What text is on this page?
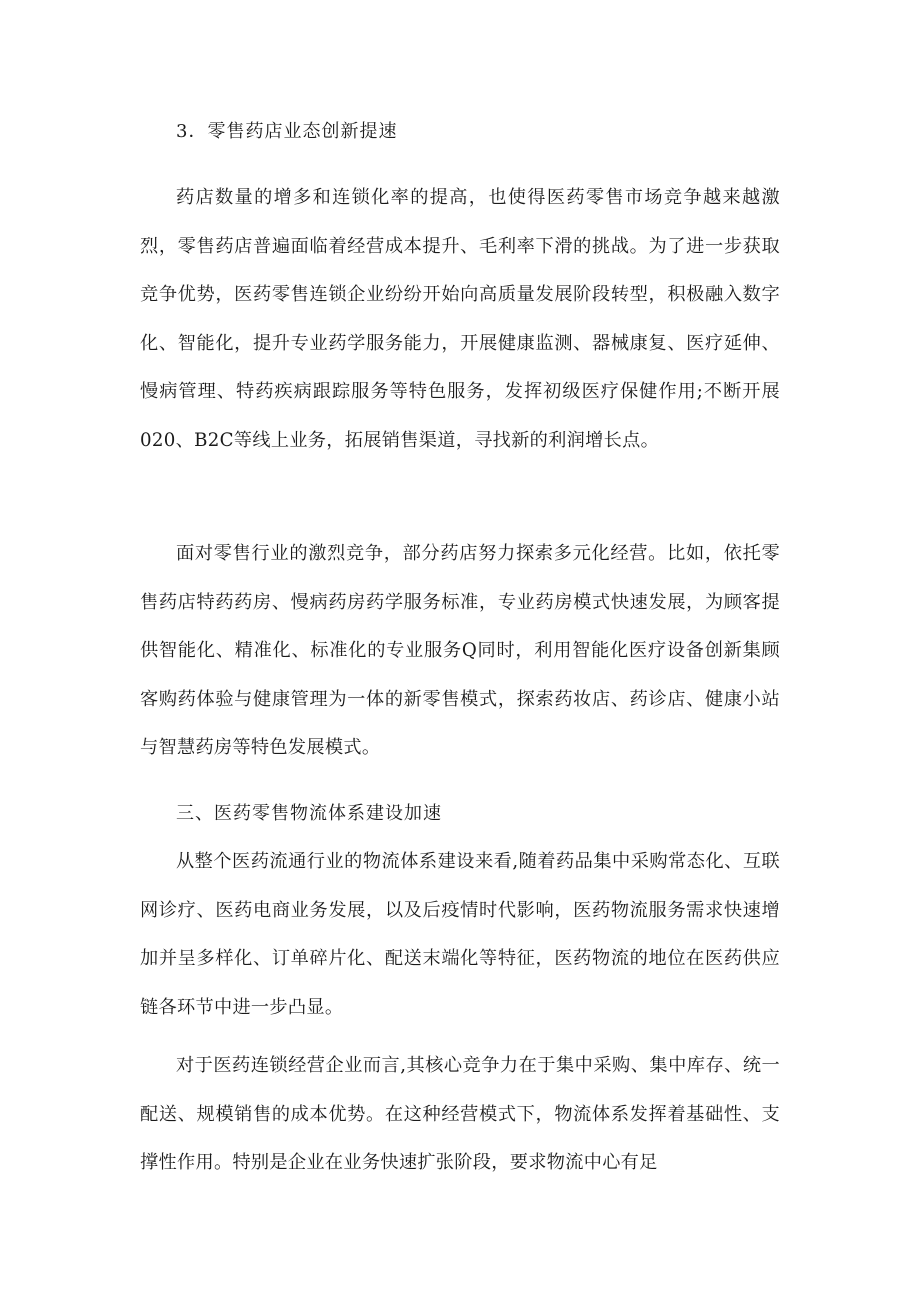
3．零售药店业态创新提速

药店数量的增多和连锁化率的提高，也使得医药零售市场竞争越来越激烈，零售药店普遍面临着经营成本提升、毛利率下滑的挑战。为了进一步获取竞争优势，医药零售连锁企业纷纷开始向高质量发展阶段转型，积极融入数字化、智能化，提升专业药学服务能力，开展健康监测、器械康复、医疗延伸、慢病管理、特药疾病跟踪服务等特色服务，发挥初级医疗保健作用;不断开展020、B2C等线上业务，拓展销售渠道，寻找新的利润增长点。

面对零售行业的激烈竞争，部分药店努力探索多元化经营。比如，依托零售药店特药药房、慢病药房药学服务标准，专业药房模式快速发展，为顾客提供智能化、精准化、标准化的专业服务Q同时，利用智能化医疗设备创新集顾客购药体验与健康管理为一体的新零售模式，探索药妆店、药诊店、健康小站与智慧药房等特色发展模式。

三、医药零售物流体系建设加速

从整个医药流通行业的物流体系建设来看,随着药品集中采购常态化、互联网诊疗、医药电商业务发展，以及后疫情时代影响，医药物流服务需求快速增加并呈多样化、订单碎片化、配送末端化等特征，医药物流的地位在医药供应链各环节中进一步凸显。

对于医药连锁经营企业而言,其核心竞争力在于集中采购、集中库存、统一配送、规模销售的成本优势。在这种经营模式下，物流体系发挥着基础性、支撑性作用。特别是企业在业务快速扩张阶段，要求物流中心有足
